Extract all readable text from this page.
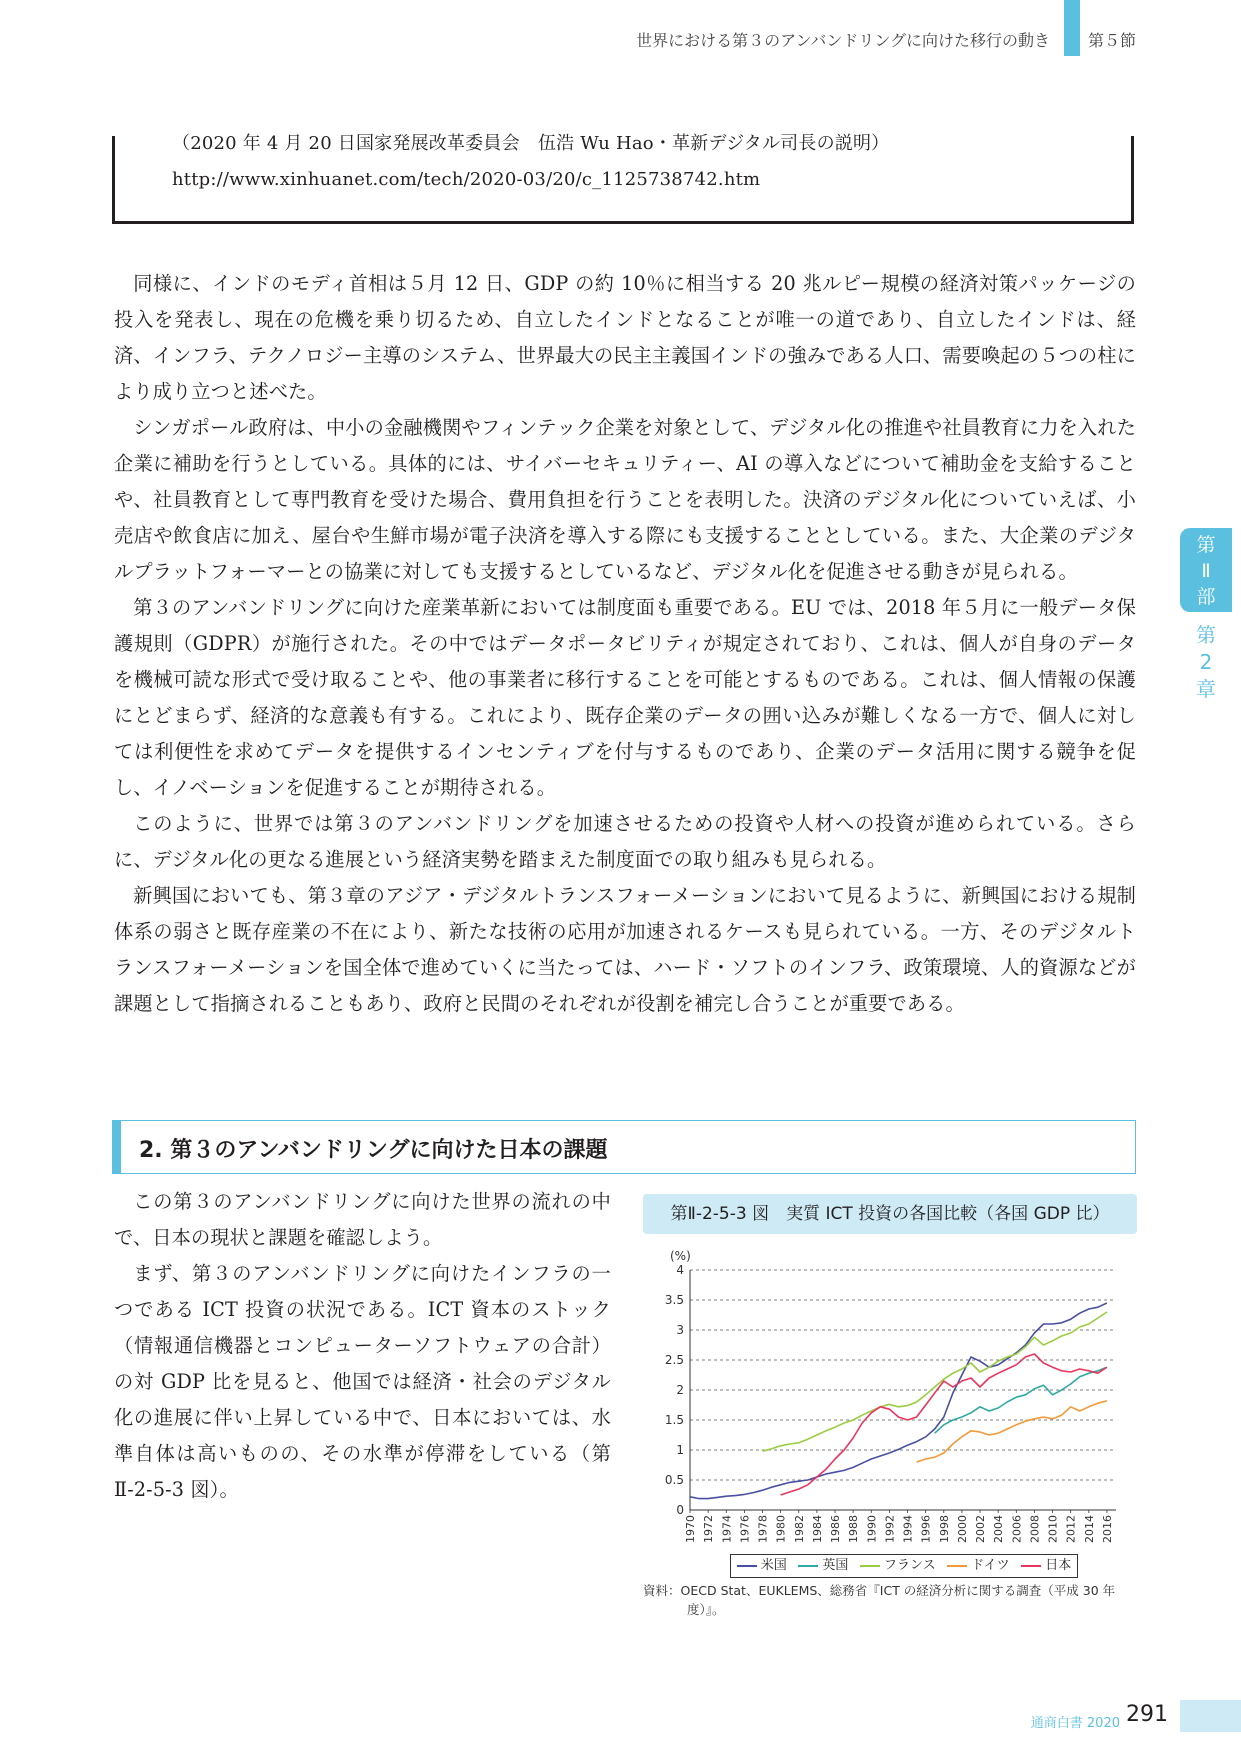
世界における第３のアンバンドリングに向けた移行の動き 第５節
（2020 年 4 月 20 日国家発展改革委員会　伍浩 Wu Hao・革新デジタル司長の説明）
http://www.xinhuanet.com/tech/2020-03/20/c_1125738742.htm

同様に、インドのモディ首相は５月 12 日、GDP の約 10％に相当する 20 兆ルピー規模の経済対策パッケージの投入を発表し、現在の危機を乗り切るため、自立したインドとなることが唯一の道であり、自立したインドは、経済、インフラ、テクノロジー主導のシステム、世界最大の民主主義国インドの強みである人口、需要喚起の５つの柱により成り立つと述べた。

シンガポール政府は、中小の金融機関やフィンテック企業を対象として、デジタル化の推進や社員教育に力を入れた企業に補助を行うとしている。具体的には、サイバーセキュリティー、AI の導入などについて補助金を支給することや、社員教育として専門教育を受けた場合、費用負担を行うことを表明した。決済のデジタル化についていえば、小売店や飲食店に加え、屋台や生鮮市場が電子決済を導入する際にも支援することとしている。また、大企業のデジタルプラットフォーマーとの協業に対しても支援するとしているなど、デジタル化を促進させる動きが見られる。

第３のアンバンドリングに向けた産業革新においては制度面も重要である。EU では、2018 年５月に一般データ保護規則（GDPR）が施行された。その中ではデータポータビリティが規定されており、これは、個人が自身のデータを機械可読な形式で受け取ることや、他の事業者に移行することを可能とするものである。これは、個人情報の保護にとどまらず、経済的な意義も有する。これにより、既存企業のデータの囲い込みが難しくなる一方で、個人に対しては利便性を求めてデータを提供するインセンティブを付与するものであり、企業のデータ活用に関する競争を促し、イノベーションを促進することが期待される。

このように、世界では第３のアンバンドリングを加速させるための投資や人材への投資が進められている。さらに、デジタル化の更なる進展という経済実勢を踏まえた制度面での取り組みも見られる。

新興国においても、第３章のアジア・デジタルトランスフォーメーションにおいて見るように、新興国における規制体系の弱さと既存産業の不在により、新たな技術の応用が加速されるケースも見られている。一方、そのデジタルトランスフォーメーションを国全体で進めていくに当たっては、ハード・ソフトのインフラ、政策環境、人的資源などが課題として指摘されることもあり、政府と民間のそれぞれが役割を補完し合うことが重要である。

第
Ⅱ
部
第
2
章
2. 第３のアンバンドリングに向けた日本の課題

この第３のアンバンドリングに向けた世界の流れの中で、日本の現状と課題を確認しよう。

まず、第３のアンバンドリングに向けたインフラの一つである ICT 投資の状況である。ICT 資本のストック（情報通信機器とコンピューターソフトウェアの合計）の対 GDP 比を見ると、他国では経済・社会のデジタル化の進展に伴い上昇している中で、日本においては、水準自体は高いものの、その水準が停滞をしている（第Ⅱ-2-5-3 図）。

第Ⅱ-2-5-3 図　実質 ICT 投資の各国比較（各国 GDP 比）
(%)
0
0.5
1
1.5
2
2.5
3
3.5
4
1970 1972 1974 1976 1978 1980 1982 1984 1986 1988 1990 1992 1994 1996 1998 2000 2002 2004 2006 2008 2010 2012 2014 2016
米国	英国	フランス	ドイツ	日本
資料：OECD Stat、EUKLEMS、総務省『ICT の経済分析に関する調査（平成 30 年度）』。
通商白書 2020 291
